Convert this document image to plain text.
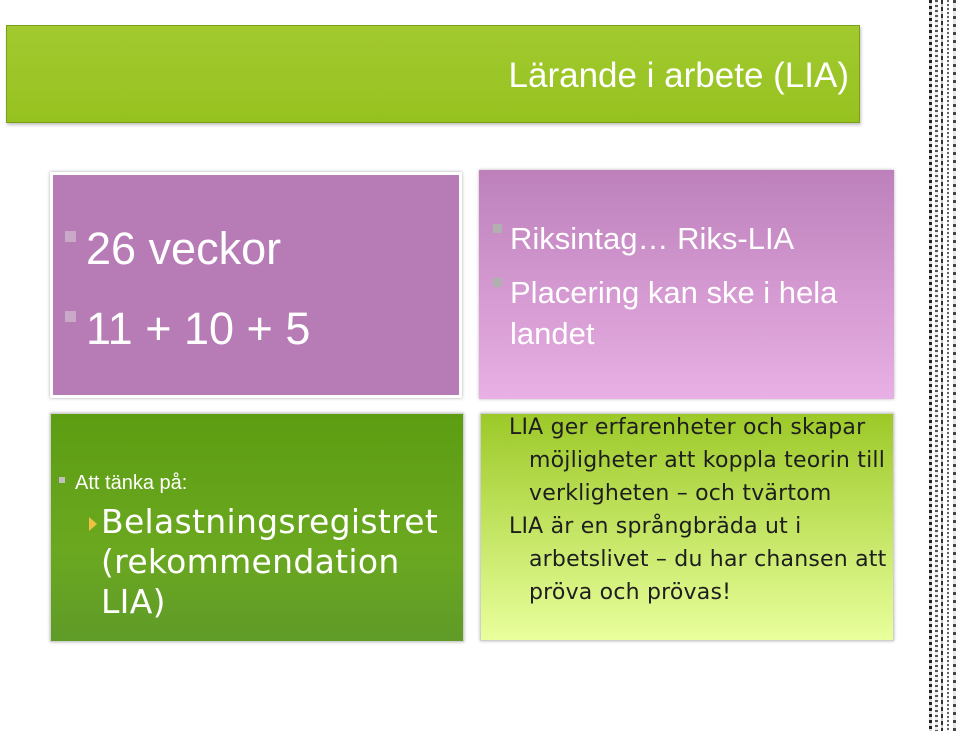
Lärande i arbete (LIA)
26 veckor
11 + 10 + 5
Riksintag… Riks-LIA
Placering kan ske i hela
landet
Att tänka på:
Belastningsregistret
(rekommendation LIA)

LIA ger erfarenheter och skapar
möjligheter att koppla teorin till
verkligheten – och tvärtom

LIA är en språngbräda ut i
arbetslivet – du har chansen att
pröva och prövas!
